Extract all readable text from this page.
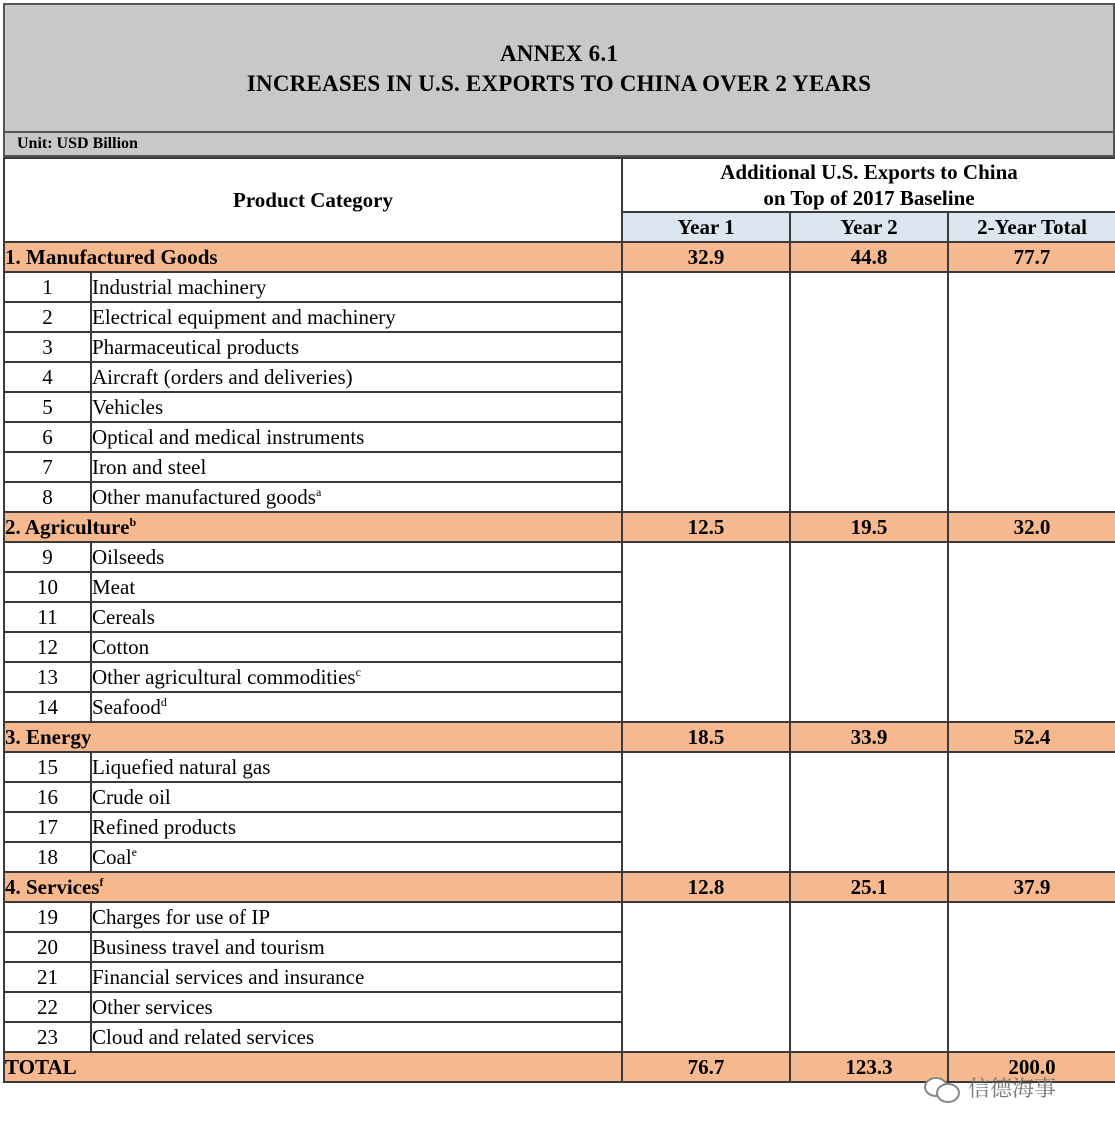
ANNEX 6.1
INCREASES IN U.S. EXPORTS TO CHINA OVER 2 YEARS
Unit: USD Billion
Product Category		Additional U.S. Exports to China
on Top of 2017 Baseline		

		Year 1	Year 2	2-Year Total
1. Manufactured Goods		32.9	44.8	77.7
1	Industrial machinery			
2	Electrical equipment and machinery			
3	Pharmaceutical products			
4	Aircraft (orders and deliveries)			
5	Vehicles			
6	Optical and medical instruments			
7	Iron and steel			
8	Other manufactured goods$^a$
2. Agriculture$^b$		12.5	19.5	32.0
9	Oilseeds			
10	Meat			
11	Cereals			
12	Cotton			
13	Other agricultural commodities$^c$
14	Seafood$^d$
3. Energy		18.5	33.9	52.4
15	Liquefied natural gas			
16	Crude oil			
17	Refined products			
18	Coal$^e$
4. Services$^f$		12.8	25.1	37.9
19	Charges for use of IP			
20	Business travel and tourism			
21	Financial services and insurance			
22	Other services			
23	Cloud and related services			
TOTAL		76.7	123.3	200.0
信德海事
